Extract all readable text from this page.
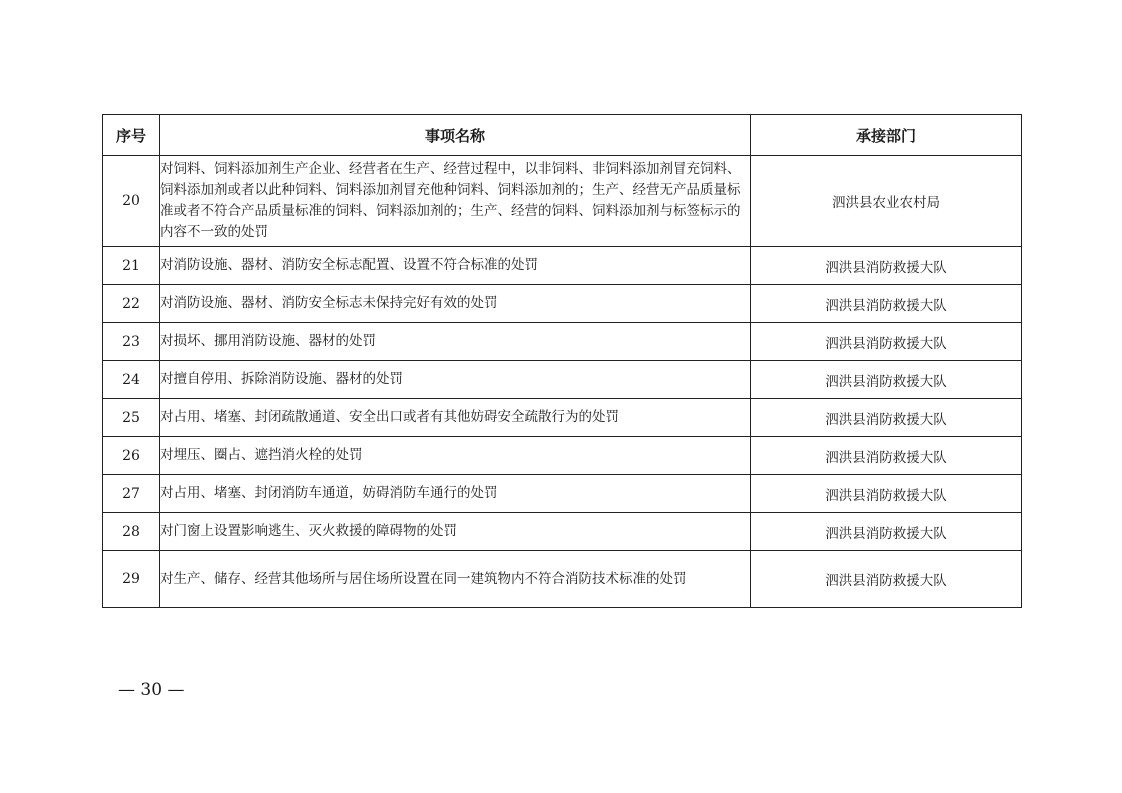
序号	事项名称	承接部门
20	对饲料、饲料添加剂生产企业、经营者在生产、经营过程中，以非饲料、非饲料添加剂冒充饲料、饲料添加剂或者以此种饲料、饲料添加剂冒充他种饲料、饲料添加剂的；生产、经营无产品质量标准或者不符合产品质量标准的饲料、饲料添加剂的；生产、经营的饲料、饲料添加剂与标签标示的内容不一致的处罚	泗洪县农业农村局
21	对消防设施、器材、消防安全标志配置、设置不符合标准的处罚	泗洪县消防救援大队
22	对消防设施、器材、消防安全标志未保持完好有效的处罚	泗洪县消防救援大队
23	对损坏、挪用消防设施、器材的处罚	泗洪县消防救援大队
24	对擅自停用、拆除消防设施、器材的处罚	泗洪县消防救援大队
25	对占用、堵塞、封闭疏散通道、安全出口或者有其他妨碍安全疏散行为的处罚	泗洪县消防救援大队
26	对埋压、圈占、遮挡消火栓的处罚	泗洪县消防救援大队
27	对占用、堵塞、封闭消防车通道，妨碍消防车通行的处罚	泗洪县消防救援大队
28	对门窗上设置影响逃生、灭火救援的障碍物的处罚	泗洪县消防救援大队
29	对生产、储存、经营其他场所与居住场所设置在同一建筑物内不符合消防技术标准的处罚	泗洪县消防救援大队
— 30 —
